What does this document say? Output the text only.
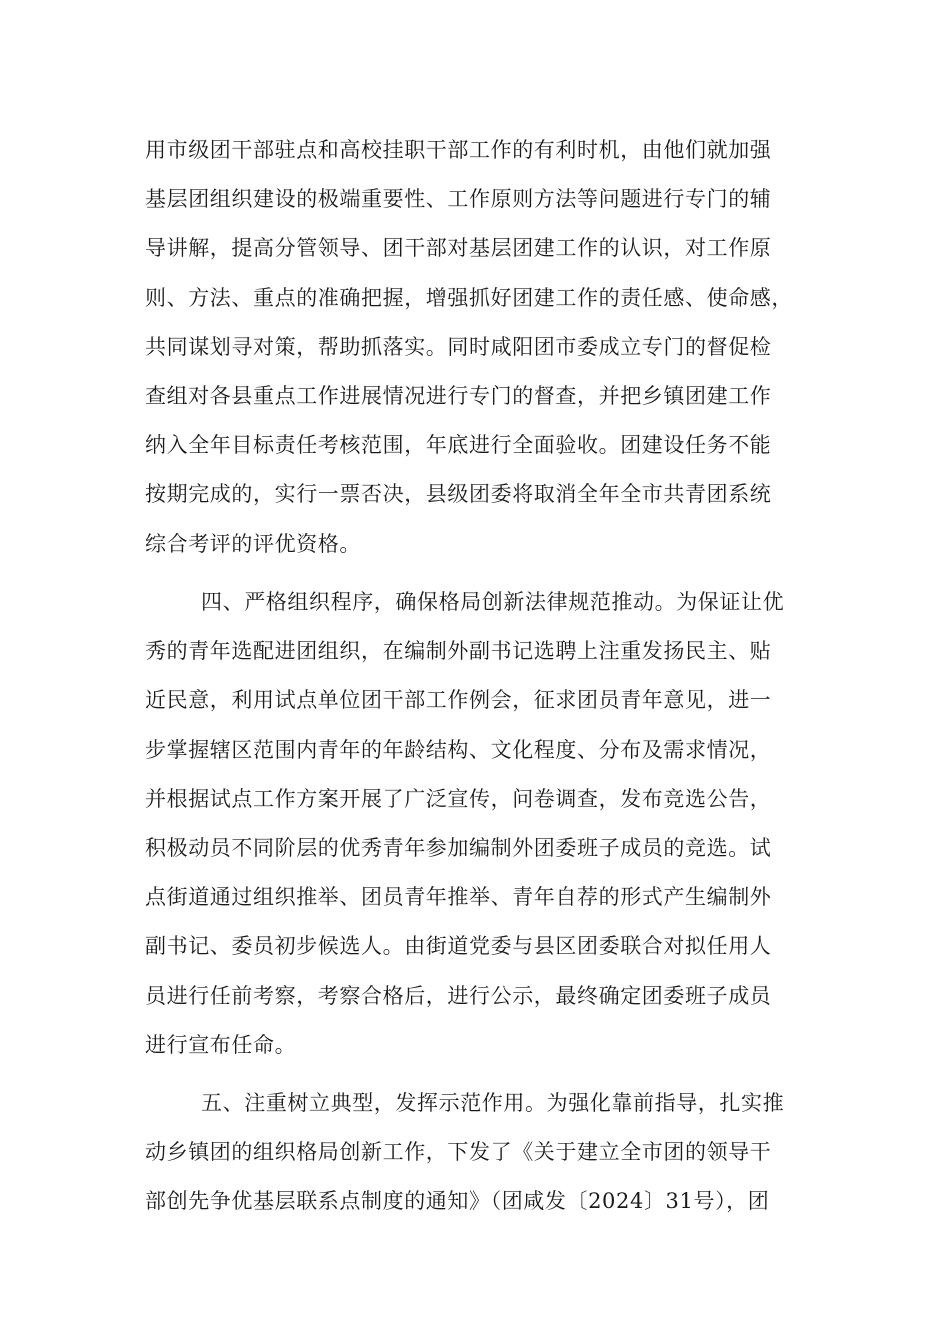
用市级团干部驻点和高校挂职干部工作的有利时机，由他们就加强
基层团组织建设的极端重要性、工作原则方法等问题进行专门的辅
导讲解，提高分管领导、团干部对基层团建工作的认识，对工作原
则、方法、重点的准确把握，增强抓好团建工作的责任感、使命感，
共同谋划寻对策，帮助抓落实。同时咸阳团市委成立专门的督促检
查组对各县重点工作进展情况进行专门的督查，并把乡镇团建工作
纳入全年目标责任考核范围，年底进行全面验收。团建设任务不能
按期完成的，实行一票否决，县级团委将取消全年全市共青团系统
综合考评的评优资格。
四、严格组织程序，确保格局创新法律规范推动。为保证让优
秀的青年选配进团组织，在编制外副书记选聘上注重发扬民主、贴
近民意，利用试点单位团干部工作例会，征求团员青年意见，进一
步掌握辖区范围内青年的年龄结构、文化程度、分布及需求情况，
并根据试点工作方案开展了广泛宣传，问卷调查，发布竞选公告，
积极动员不同阶层的优秀青年参加编制外团委班子成员的竞选。试
点街道通过组织推举、团员青年推举、青年自荐的形式产生编制外
副书记、委员初步候选人。由街道党委与县区团委联合对拟任用人
员进行任前考察，考察合格后，进行公示，最终确定团委班子成员
进行宣布任命。
五、注重树立典型，发挥示范作用。为强化靠前指导，扎实推
动乡镇团的组织格局创新工作，下发了《关于建立全市团的领导干
部创先争优基层联系点制度的通知》（团咸发〔2024〕31号），团
